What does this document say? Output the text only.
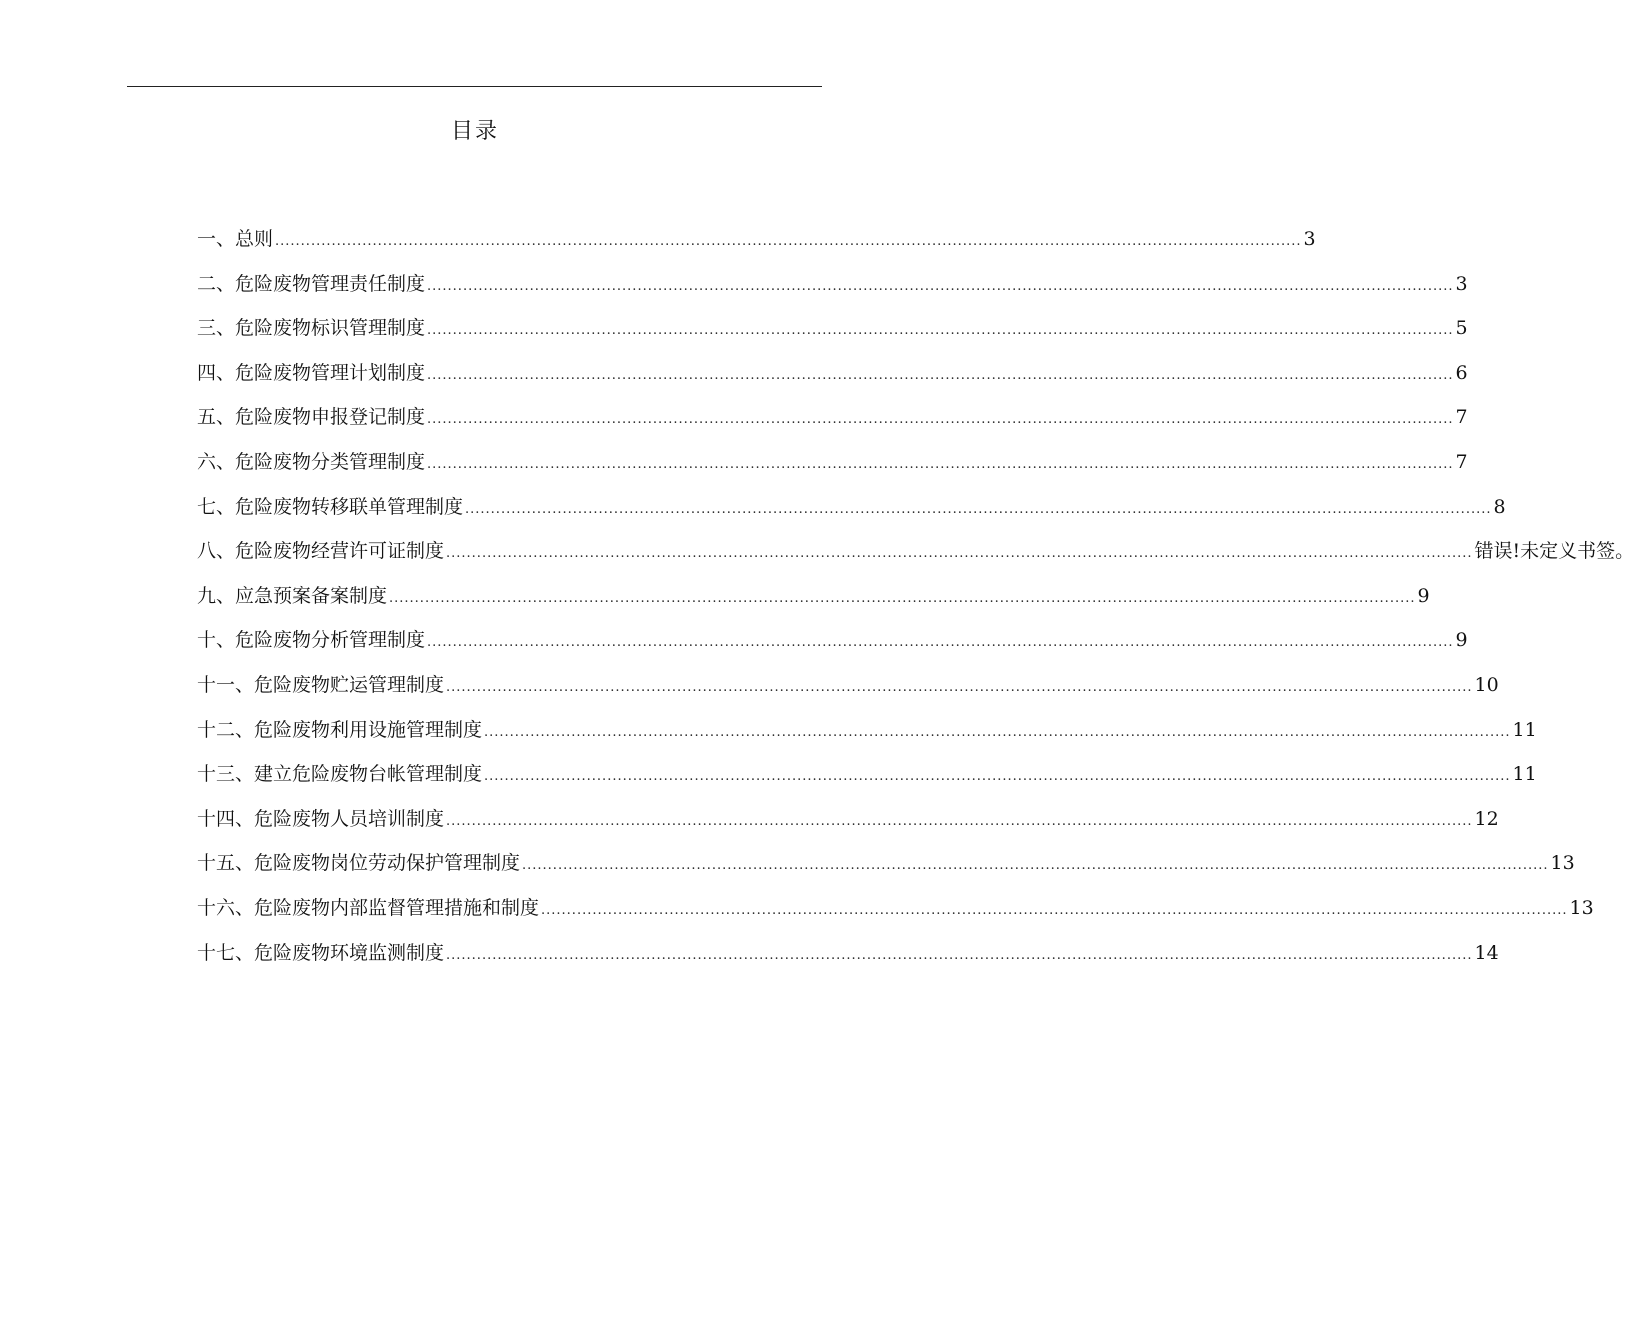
目录
一、总则 ........................................................................................................................................................................................................ 3
二、危险废物管理责任制度 ........................................................................................................................................................................................................ 3
三、危险废物标识管理制度 ........................................................................................................................................................................................................ 5
四、危险废物管理计划制度 ........................................................................................................................................................................................................ 6
五、危险废物申报登记制度 ........................................................................................................................................................................................................ 7
六、危险废物分类管理制度 ........................................................................................................................................................................................................ 7
七、危险废物转移联单管理制度 ........................................................................................................................................................................................................ 8
八、危险废物经营许可证制度 ........................................................................................................................................................................................................ 错误!未定义书签。
九、应急预案备案制度 ........................................................................................................................................................................................................ 9
十、危险废物分析管理制度 ........................................................................................................................................................................................................ 9
十一、危险废物贮运管理制度 ........................................................................................................................................................................................................ 10
十二、危险废物利用设施管理制度 ........................................................................................................................................................................................................ 11
十三、建立危险废物台帐管理制度 ........................................................................................................................................................................................................ 11
十四、危险废物人员培训制度 ........................................................................................................................................................................................................ 12
十五、危险废物岗位劳动保护管理制度 ........................................................................................................................................................................................................ 13
十六、危险废物内部监督管理措施和制度 ........................................................................................................................................................................................................ 13
十七、危险废物环境监测制度 ........................................................................................................................................................................................................ 14
